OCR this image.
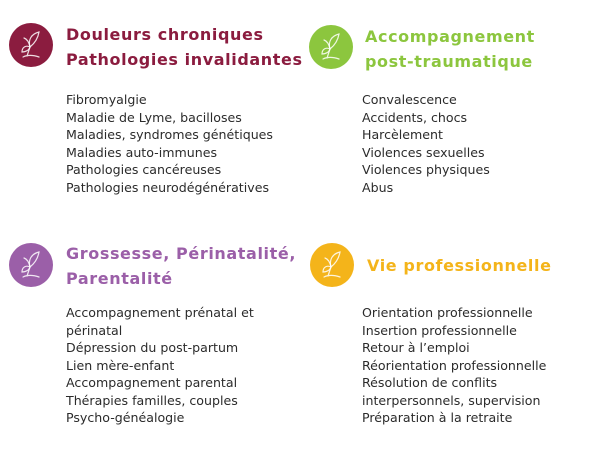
Douleurs chroniques
Pathologies invalidantes
Fibromyalgie
Maladie de Lyme, bacilloses
Maladies, syndromes génétiques
Maladies auto-immunes
Pathologies cancéreuses
Pathologies neurodégénératives
Accompagnement
post-traumatique
Convalescence
Accidents, chocs
Harcèlement
Violences sexuelles
Violences physiques
Abus
Grossesse, Périnatalité,
Parentalité
Accompagnement prénatal et
périnatal
Dépression du post-partum
Lien mère-enfant
Accompagnement parental
Thérapies familles, couples
Psycho-généalogie
Vie professionnelle
Orientation professionnelle
Insertion professionnelle
Retour à l’emploi
Réorientation professionnelle
Résolution de conflits
interpersonnels, supervision
Préparation à la retraite
